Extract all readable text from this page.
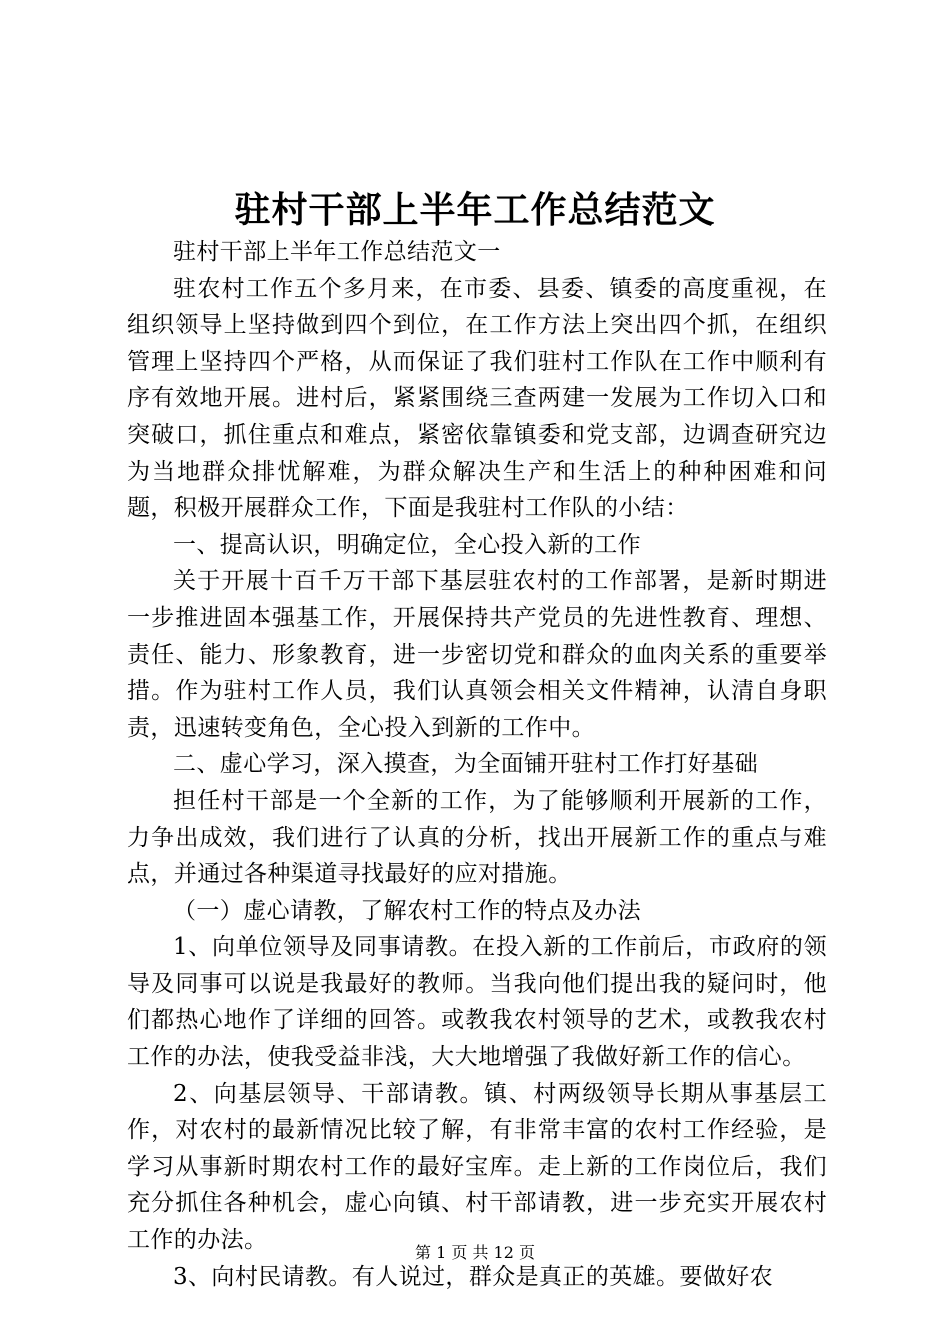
驻村干部上半年工作总结范文

驻村干部上半年工作总结范文一

驻农村工作五个多月来，在市委、县委、镇委的高度重视，在组织领导上坚持做到四个到位，在工作方法上突出四个抓，在组织管理上坚持四个严格，从而保证了我们驻村工作队在工作中顺利有序有效地开展。进村后，紧紧围绕三查两建一发展为工作切入口和突破口，抓住重点和难点，紧密依靠镇委和党支部，边调查研究边为当地群众排忧解难，为群众解决生产和生活上的种种困难和问题，积极开展群众工作，下面是我驻村工作队的小结：

一、提高认识，明确定位，全心投入新的工作

关于开展十百千万干部下基层驻农村的工作部署，是新时期进一步推进固本强基工作，开展保持共产党员的先进性教育、理想、责任、能力、形象教育，进一步密切党和群众的血肉关系的重要举措。作为驻村工作人员，我们认真领会相关文件精神，认清自身职责，迅速转变角色，全心投入到新的工作中。

二、虚心学习，深入摸查，为全面铺开驻村工作打好基础

担任村干部是一个全新的工作，为了能够顺利开展新的工作，力争出成效，我们进行了认真的分析，找出开展新工作的重点与难点，并通过各种渠道寻找最好的应对措施。

（一）虚心请教，了解农村工作的特点及办法

1、向单位领导及同事请教。在投入新的工作前后，市政府的领导及同事可以说是我最好的教师。当我向他们提出我的疑问时，他们都热心地作了详细的回答。或教我农村领导的艺术，或教我农村工作的办法，使我受益非浅，大大地增强了我做好新工作的信心。

2、向基层领导、干部请教。镇、村两级领导长期从事基层工作，对农村的最新情况比较了解，有非常丰富的农村工作经验，是学习从事新时期农村工作的最好宝库。走上新的工作岗位后，我们充分抓住各种机会，虚心向镇、村干部请教，进一步充实开展农村工作的办法。

3、向村民请教。有人说过，群众是真正的英雄。要做好农

第 1 页 共 12 页
